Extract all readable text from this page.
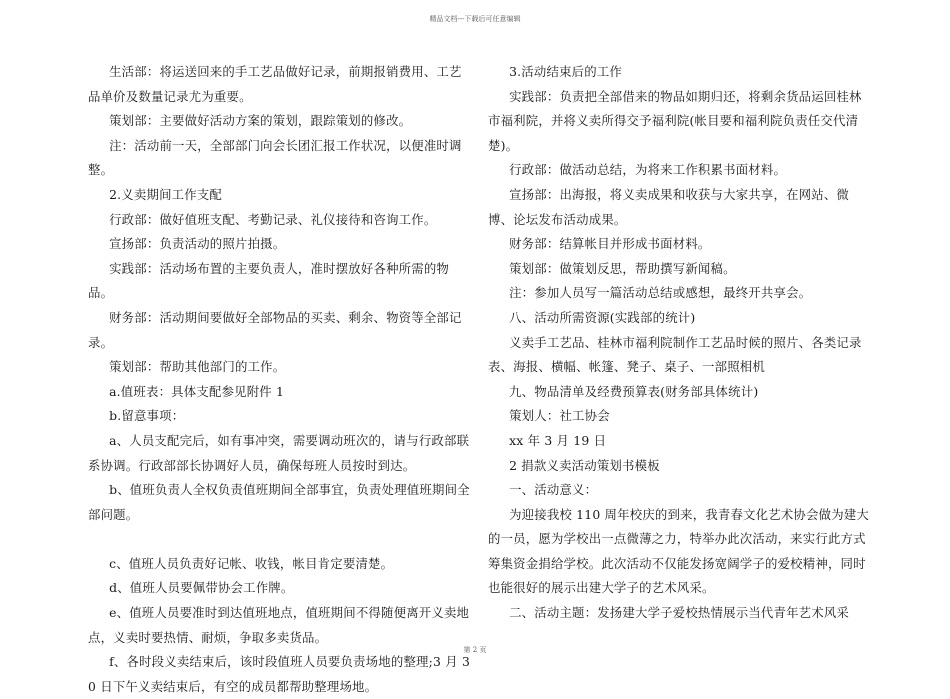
精品文档---下载后可任意编辑

生活部：将运送回来的手工艺品做好记录，前期报销费用、工艺品单价及数量记录尤为重要。

策划部：主要做好活动方案的策划，跟踪策划的修改。

注：活动前一天，全部部门向会长团汇报工作状况，以便准时调整。

2.义卖期间工作支配

行政部：做好值班支配、考勤记录、礼仪接待和咨询工作。

宣扬部：负责活动的照片拍摄。

实践部：活动场布置的主要负责人，准时摆放好各种所需的物品。

财务部：活动期间要做好全部物品的买卖、剩余、物资等全部记录。

策划部：帮助其他部门的工作。

a.值班表：具体支配参见附件 1

b.留意事项：

a、人员支配完后，如有事冲突，需要调动班次的，请与行政部联系协调。行政部部长协调好人员，确保每班人员按时到达。

b、值班负责人全权负责值班期间全部事宜，负责处理值班期间全部问题。

c、值班人员负责好记帐、收钱，帐目肯定要清楚。

d、值班人员要佩带协会工作牌。

e、值班人员要准时到达值班地点，值班期间不得随便离开义卖地点，义卖时要热情、耐烦，争取多卖货品。

f、各时段义卖结束后，该时段值班人员要负责场地的整理;3 月 30 日下午义卖结束后，有空的成员都帮助整理场地。

3.活动结束后的工作

实践部：负责把全部借来的物品如期归还，将剩余货品运回桂林市福利院，并将义卖所得交予福利院(帐目要和福利院负责任交代清楚)。

行政部：做活动总结，为将来工作积累书面材料。

宣扬部：出海报，将义卖成果和收获与大家共享，在网站、微博、论坛发布活动成果。

财务部：结算帐目并形成书面材料。

策划部：做策划反思，帮助撰写新闻稿。

注：参加人员写一篇活动总结或感想，最终开共享会。

八、活动所需资源(实践部的统计)

义卖手工艺品、桂林市福利院制作工艺品时候的照片、各类记录表、海报、横幅、帐篷、凳子、桌子、一部照相机

九、物品清单及经费预算表(财务部具体统计)

策划人：社工协会

xx 年 3 月 19 日

2 捐款义卖活动策划书模板

一、活动意义：

为迎接我校 110 周年校庆的到来，我青春文化艺术协会做为建大的一员，愿为学校出一点微薄之力，特举办此次活动，来实行此方式筹集资金捐给学校。此次活动不仅能发扬宽阔学子的爱校精神，同时也能很好的展示出建大学子的艺术风采。

二、活动主题：发扬建大学子爱校热情展示当代青年艺术风采

第 2 页
